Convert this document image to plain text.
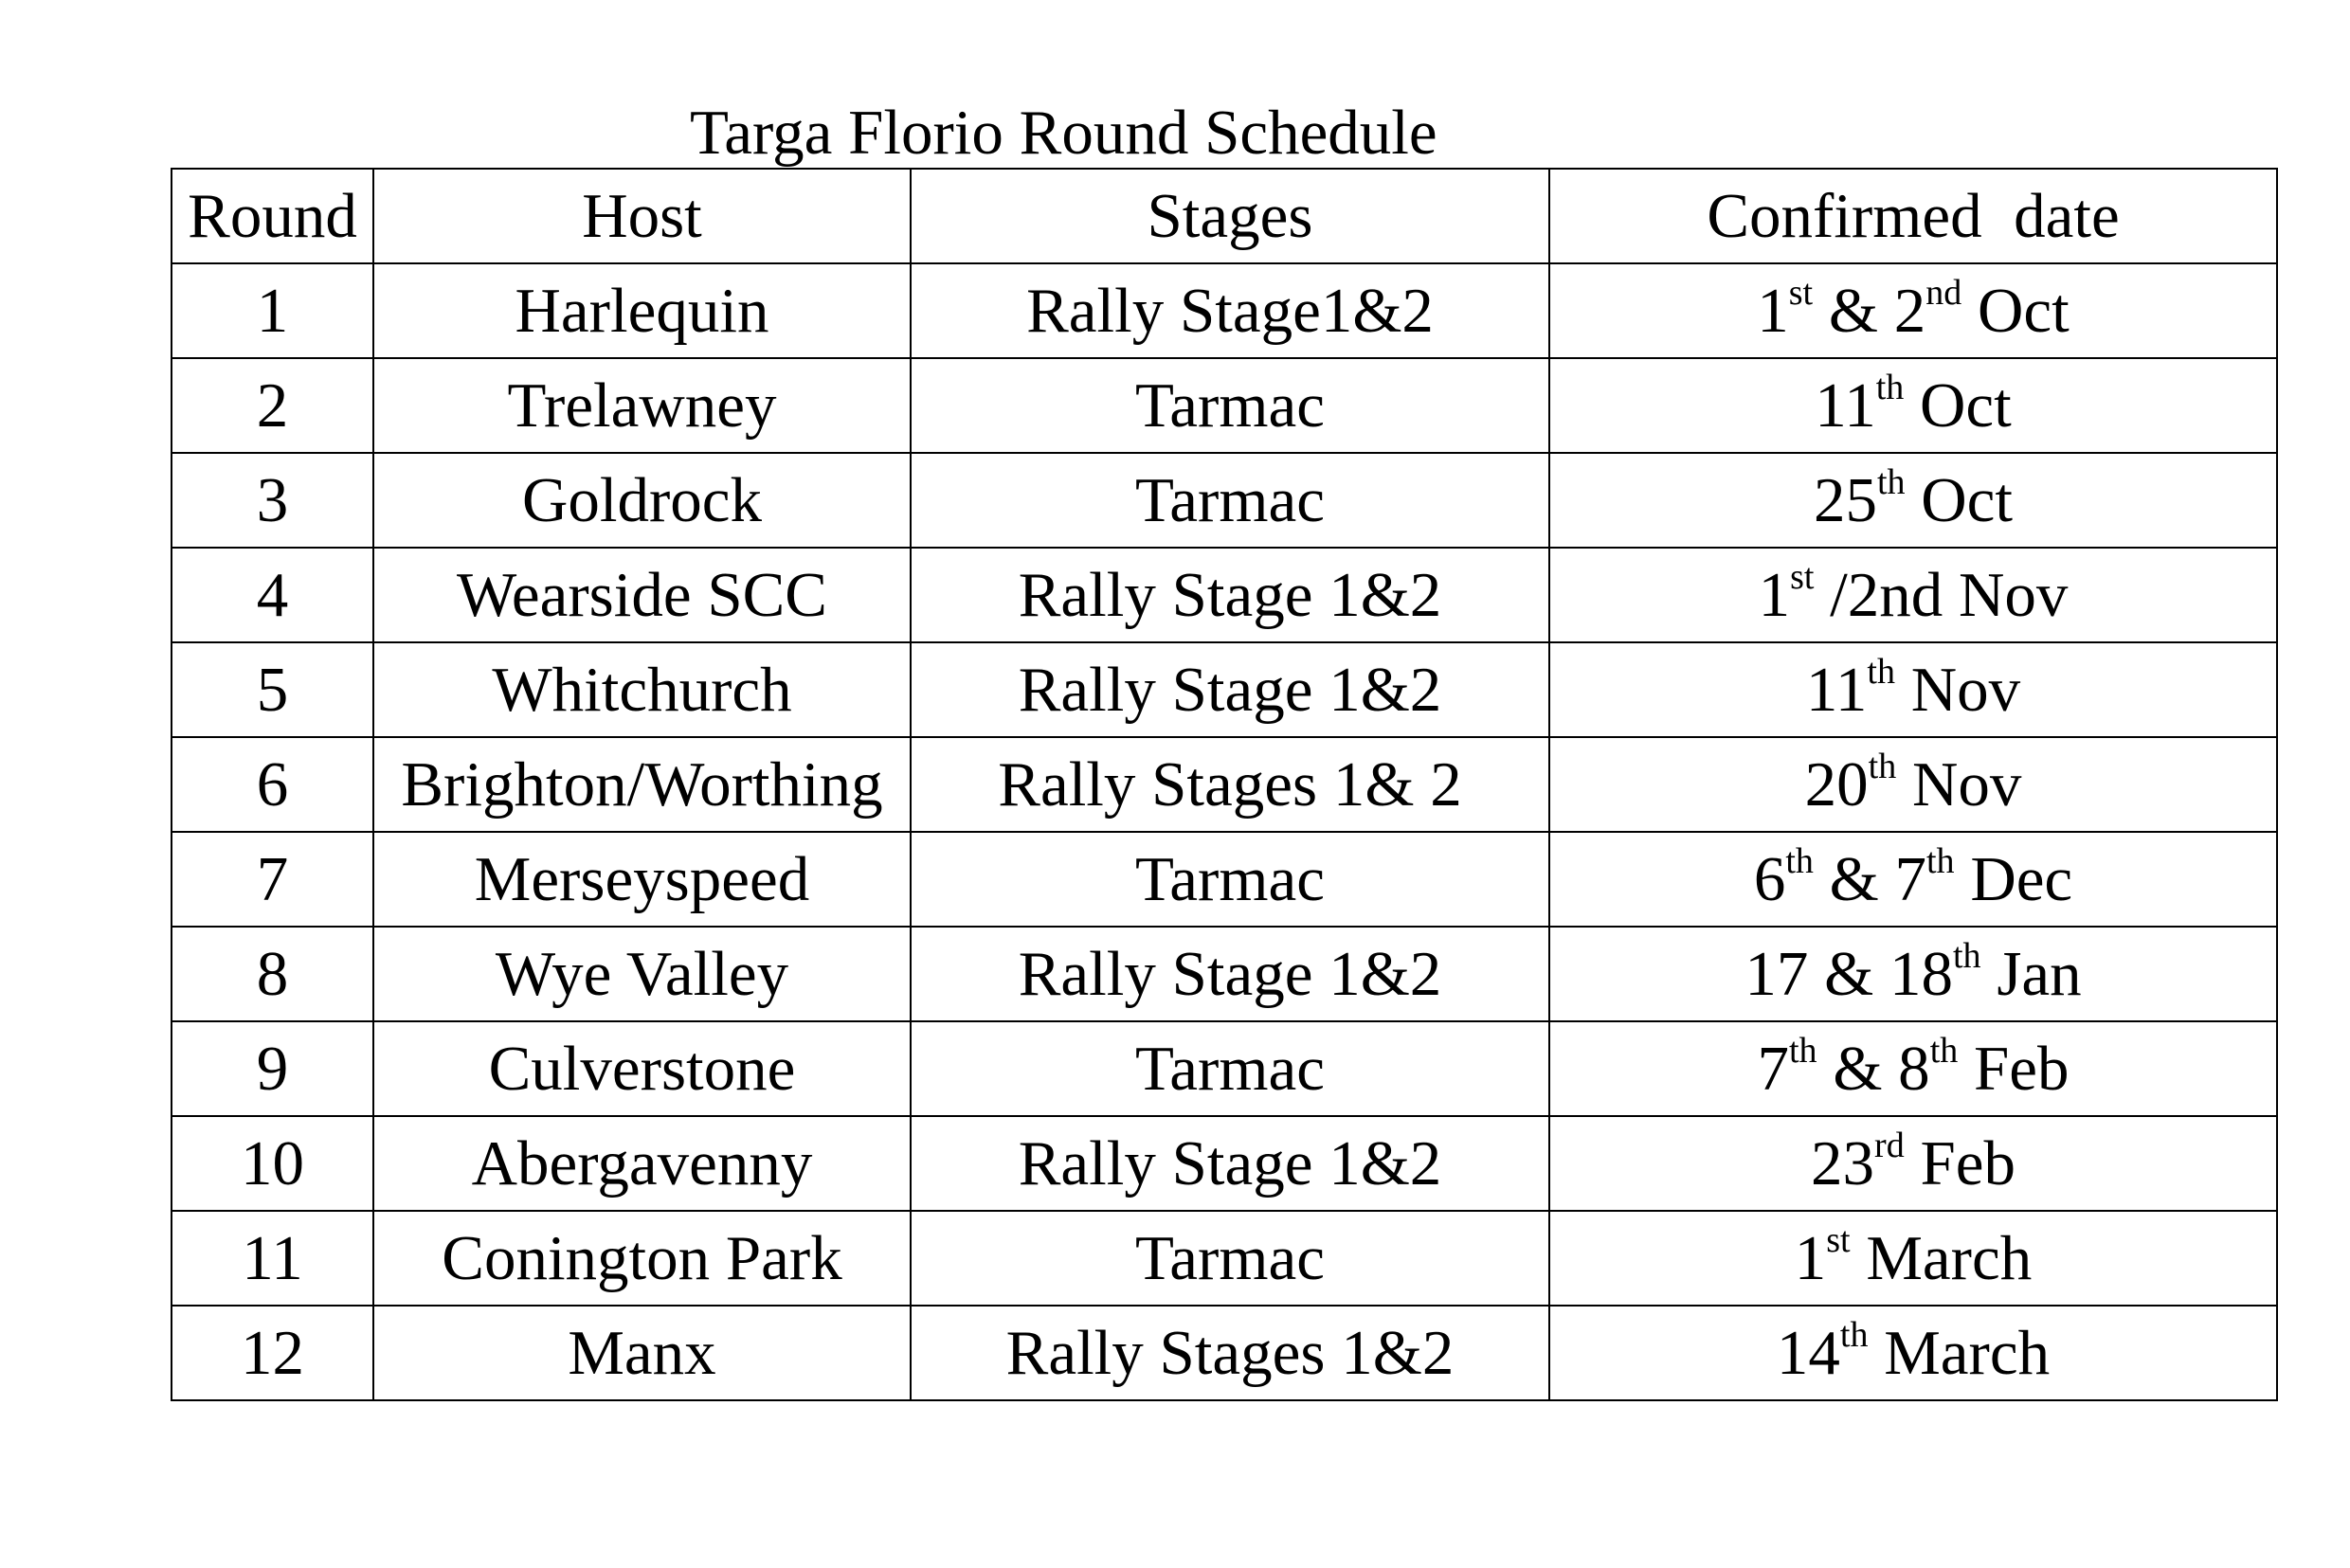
Targa Florio Round Schedule
Round	Host	Stages	Confirmed  date
1	Harlequin	Rally Stage1&2	1st & 2nd Oct
2	Trelawney	Tarmac	11th Oct
3	Goldrock	Tarmac	25th Oct
4	Wearside SCC	Rally Stage 1&2	1st /2nd Nov
5	Whitchurch	Rally Stage 1&2	11th Nov
6	Brighton/Worthing	Rally Stages 1& 2	20th Nov
7	Merseyspeed	Tarmac	6th & 7th Dec
8	Wye Valley	Rally Stage 1&2	17 & 18th Jan
9	Culverstone	Tarmac	7th & 8th Feb
10	Abergavenny	Rally Stage 1&2	23rd Feb
11	Conington Park	Tarmac	1st March
12	Manx	Rally Stages 1&2	14th March
